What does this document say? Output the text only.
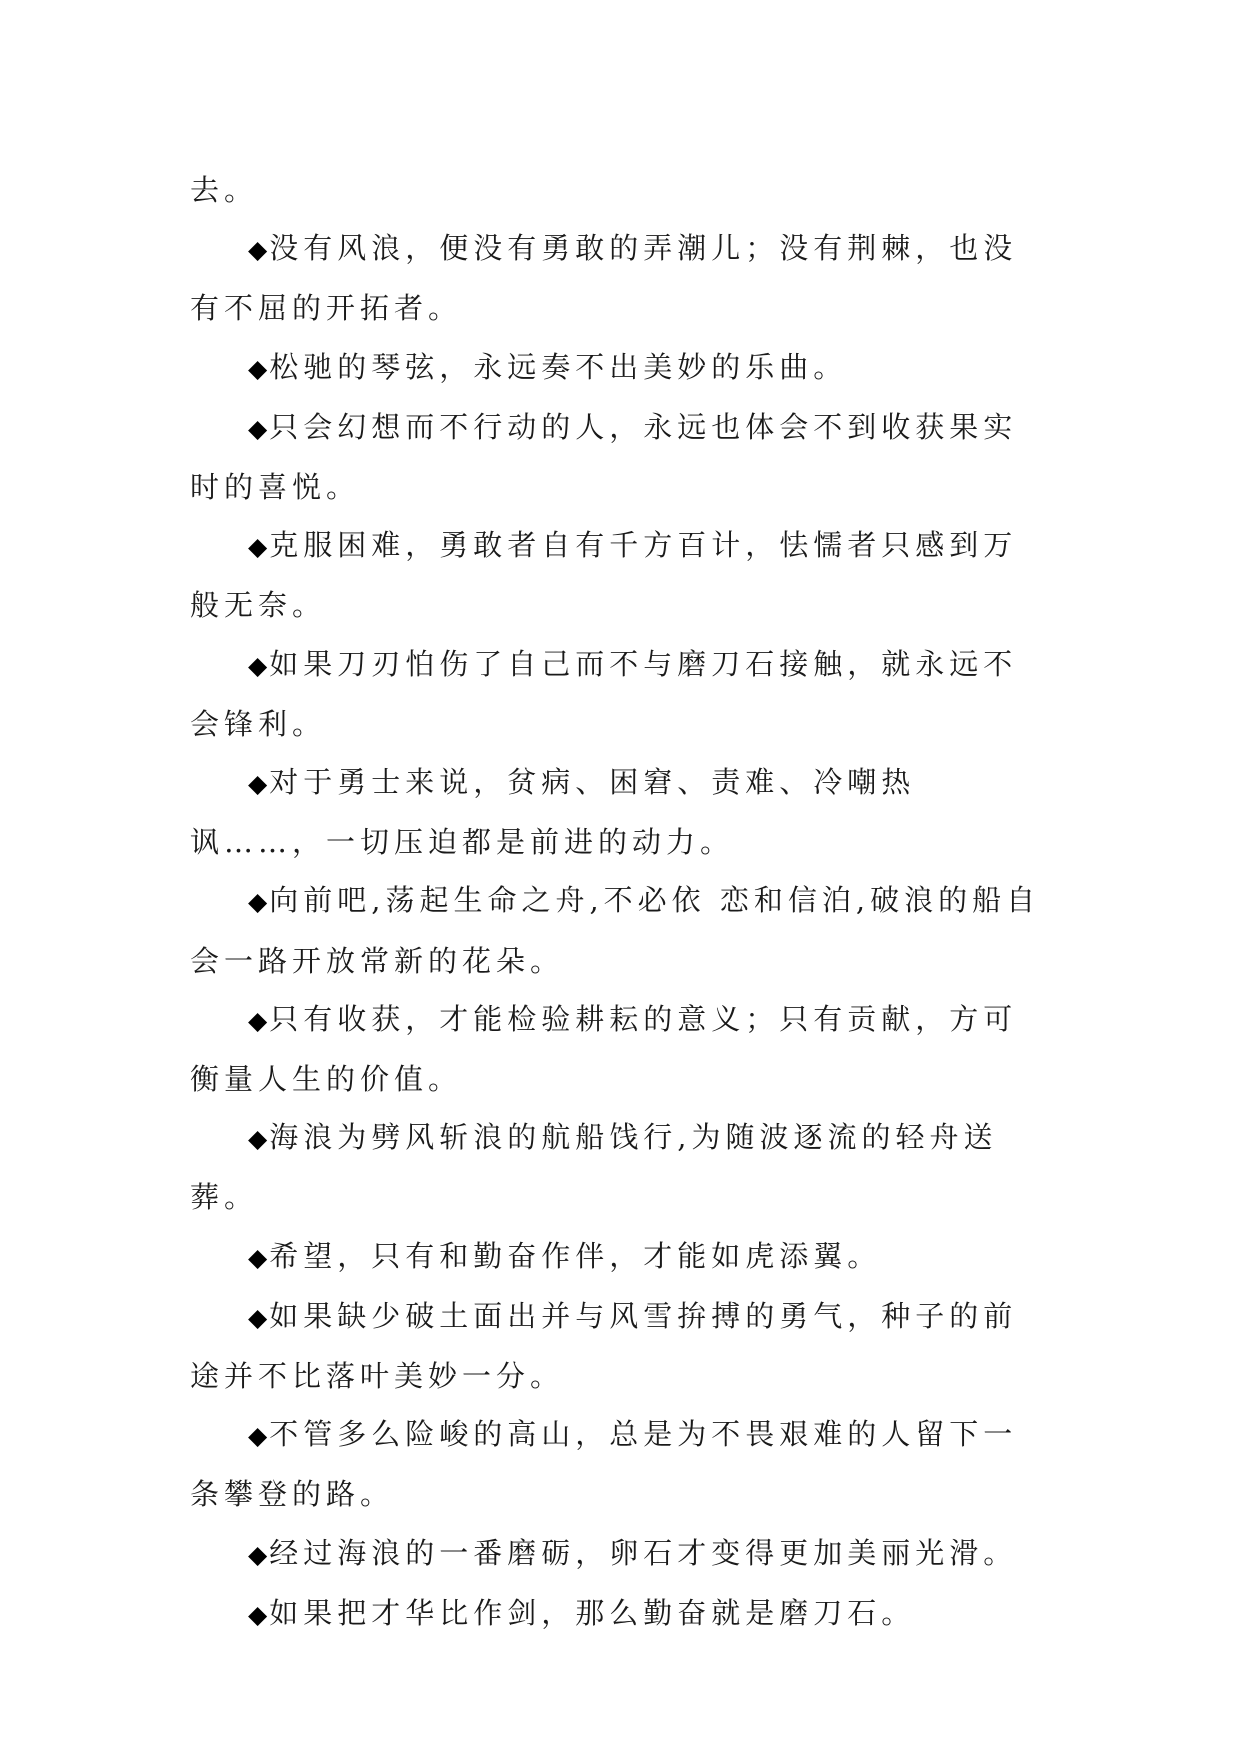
去。

◆没有风浪，便没有勇敢的弄潮儿；没有荆棘，也没有不屈的开拓者。

◆松驰的琴弦，永远奏不出美妙的乐曲。

◆只会幻想而不行动的人，永远也体会不到收获果实时的喜悦。

◆克服困难，勇敢者自有千方百计，怯懦者只感到万般无奈。

◆如果刀刃怕伤了自己而不与磨刀石接触，就永远不会锋利。

◆对于勇士来说，贫病、困窘、责难、冷嘲热讽……，一切压迫都是前进的动力。

◆向前吧,荡起生命之舟,不必依 恋和信泊,破浪的船自会一路开放常新的花朵。

◆只有收获，才能检验耕耘的意义；只有贡献，方可衡量人生的价值。

◆海浪为劈风斩浪的航船饯行,为随波逐流的轻舟送葬。

◆希望，只有和勤奋作伴，才能如虎添翼。

◆如果缺少破土面出并与风雪拚搏的勇气，种子的前途并不比落叶美妙一分。

◆不管多么险峻的高山，总是为不畏艰难的人留下一条攀登的路。

◆经过海浪的一番磨砺，卵石才变得更加美丽光滑。

◆如果把才华比作剑，那么勤奋就是磨刀石。
